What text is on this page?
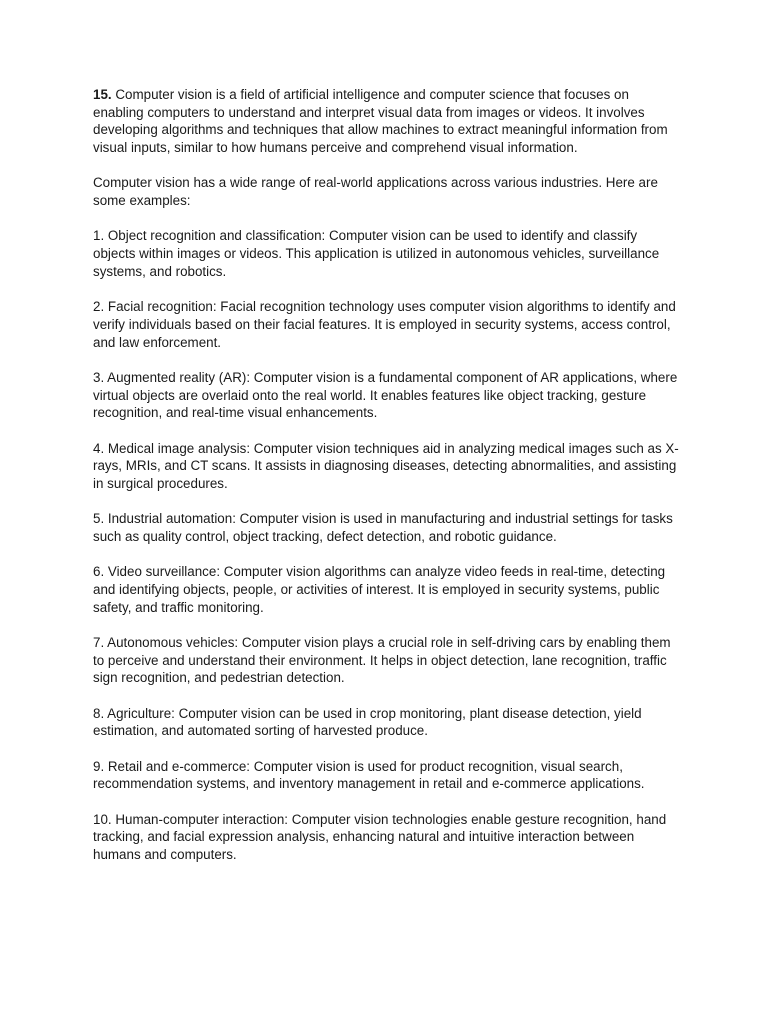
15. Computer vision is a field of artificial intelligence and computer science that focuses on enabling computers to understand and interpret visual data from images or videos. It involves developing algorithms and techniques that allow machines to extract meaningful information from visual inputs, similar to how humans perceive and comprehend visual information.

Computer vision has a wide range of real-world applications across various industries. Here are some examples:

1. Object recognition and classification: Computer vision can be used to identify and classify objects within images or videos. This application is utilized in autonomous vehicles, surveillance systems, and robotics.

2. Facial recognition: Facial recognition technology uses computer vision algorithms to identify and verify individuals based on their facial features. It is employed in security systems, access control, and law enforcement.

3. Augmented reality (AR): Computer vision is a fundamental component of AR applications, where virtual objects are overlaid onto the real world. It enables features like object tracking, gesture recognition, and real-time visual enhancements.

4. Medical image analysis: Computer vision techniques aid in analyzing medical images such as X-rays, MRIs, and CT scans. It assists in diagnosing diseases, detecting abnormalities, and assisting in surgical procedures.

5. Industrial automation: Computer vision is used in manufacturing and industrial settings for tasks such as quality control, object tracking, defect detection, and robotic guidance.

6. Video surveillance: Computer vision algorithms can analyze video feeds in real-time, detecting and identifying objects, people, or activities of interest. It is employed in security systems, public safety, and traffic monitoring.

7. Autonomous vehicles: Computer vision plays a crucial role in self-driving cars by enabling them to perceive and understand their environment. It helps in object detection, lane recognition, traffic sign recognition, and pedestrian detection.

8. Agriculture: Computer vision can be used in crop monitoring, plant disease detection, yield estimation, and automated sorting of harvested produce.

9. Retail and e-commerce: Computer vision is used for product recognition, visual search, recommendation systems, and inventory management in retail and e-commerce applications.

10. Human-computer interaction: Computer vision technologies enable gesture recognition, hand tracking, and facial expression analysis, enhancing natural and intuitive interaction between humans and computers.
